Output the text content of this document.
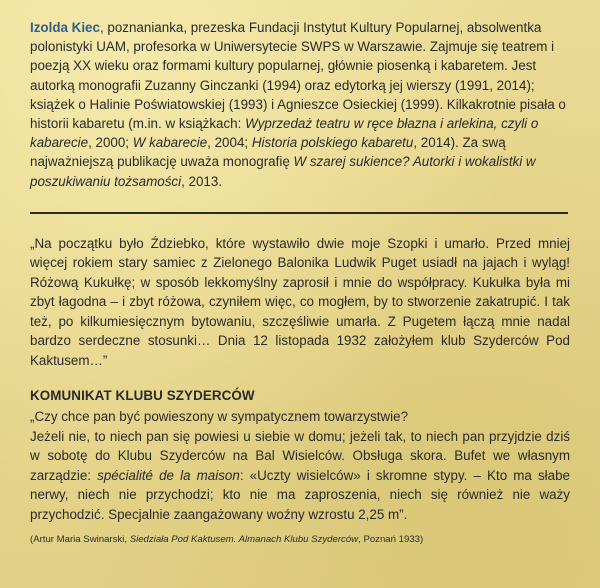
Izolda Kiec, poznanianka, prezeska Fundacji Instytut Kultury Popularnej, absolwentka polonistyki UAM, profesorka w Uniwersytecie SWPS w Warszawie. Zajmuje się teatrem i poezją XX wieku oraz formami kultury popularnej, głównie piosenką i kabaretem. Jest autorką monografii Zuzanny Ginczanki (1994) oraz edytorką jej wierszy (1991, 2014); książek o Halinie Poświatowskiej (1993) i Agnieszce Osieckiej (1999). Kilkakrotnie pisała o historii kabaretu (m.in. w książkach: Wyprzedaż teatru w ręce błazna i arlekina, czyli o kabarecie, 2000; W kabarecie, 2004; Historia polskiego kabaretu, 2014). Za swą najważniejszą publikację uważa monografię W szarej sukience? Autorki i wokalistki w poszukiwaniu tożsamości, 2013.

„Na początku było Ździebko, które wystawiło dwie moje Szopki i umarło. Przed mniej więcej rokiem stary samiec z Zielonego Balonika Ludwik Puget usiadł na jajach i wyląg! Różową Kukułkę; w sposób lekkomyślny zaprosił i mnie do współpracy. Kukułka była mi zbyt łagodna – i zbyt różowa, czyniłem więc, co mogłem, by to stworzenie zakatrupić. I tak też, po kilkumiesięcznym bytowaniu, szczęśliwie umarła. Z Pugetem łączą mnie nadal bardzo serdeczne stosunki… Dnia 12 listopada 1932 założyłem klub Szyderców Pod Kaktusem…”

KOMUNIKAT KLUBU SZYDERCÓW

„Czy chce pan być powieszony w sympatycznem towarzystwie?
Jeżeli nie, to niech pan się powiesi u siebie w domu; jeżeli tak, to niech pan przyjdzie dziś w sobotę do Klubu Szyderców na Bal Wisielców. Obsługa skora. Bufet we własnym zarządzie: spécialité de la maison: «Uczty wisielców» i skromne stypy. – Kto ma słabe nerwy, niech nie przychodzi; kto nie ma zaproszenia, niech się również nie waży przychodzić. Specjalnie zaangażowany woźny wzrostu 2,25 m”.

(Artur Maria Swinarski, Siedziała Pod Kaktusem. Almanach Klubu Szyderców, Poznań 1933)
